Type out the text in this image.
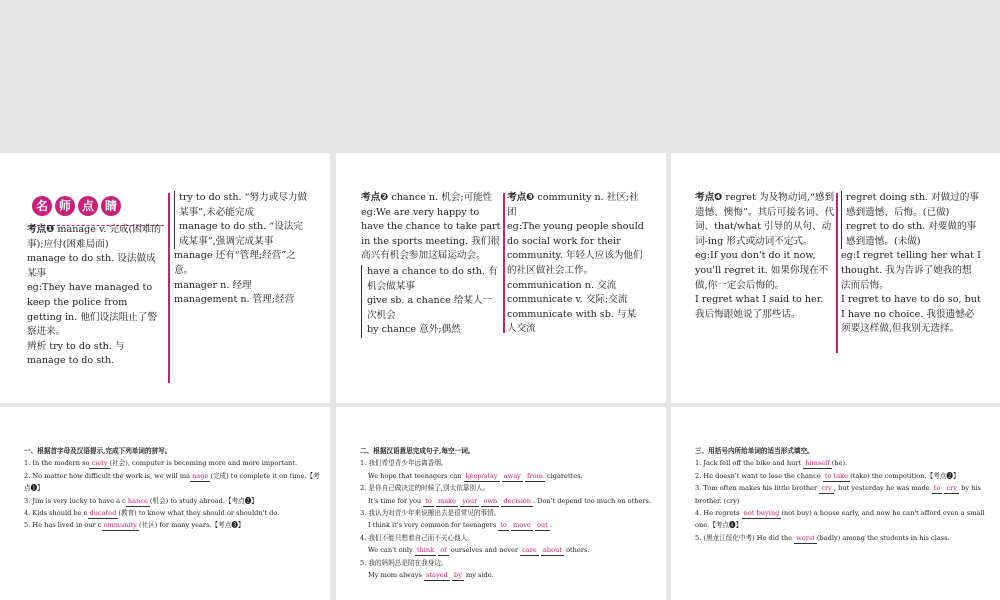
名 师 点 睛
考点❶ manage v. 完成(困难的事);应付(困难局面)
manage to do sth. 设法做成某事
eg:They have managed to keep the police from getting in. 他们设法阻止了警察进来。
辨析 try to do sth. 与 manage to do sth.
try to do sth. “努力或尽力做某事”,未必能完成
manage to do sth. “设法完成某事”,强调完成某事
manage 还有“管理;经营”之意。
manager n. 经理
management n. 管理;经营
考点❷ chance n. 机会;可能性
eg:We are very happy to have the chance to take part in the sports meeting. 我们很高兴有机会参加这届运动会。
have a chance to do sth. 有机会做某事
give sb. a chance 给某人一次机会
by chance 意外;偶然
考点❸ community n. 社区;社团
eg:The young people should do social work for their community. 年轻人应该为他们的社区做社会工作。
communication n. 交流
communicate v. 交际;交流
communicate with sb. 与某人交流
考点❹ regret 为及物动词,“感到遗憾、懊悔”。其后可接名词、代词、that/what 引导的从句、动词-ing 形式或动词不定式。
eg:If you don't do it now, you'll regret it. 如果你现在不做,你一定会后悔的。
I regret what I said to her. 我后悔跟她说了那些话。
regret doing sth. 对做过的事感到遗憾、后悔。(已做)
regret to do sth. 对要做的事感到遗憾。(未做)
eg:I regret telling her what I thought. 我为告诉了她我的想法而后悔。
I regret to have to do so, but I have no choice. 我很遗憾必须要这样做,但我别无选择。
一、根据首字母及汉语提示,完成下列单词的拼写。
1. In the modern so ciety (社会), computer is becoming more and more important.
2. No matter how difficult the work is, we will ma nage (完成) to complete it on time.【考点❶】
3. Jim is very lucky to have a c hance (机会) to study abroad.【考点❷】
4. Kids should be e ducated (教育) to know what they should or shouldn't do.
5. He has lived in our c ommunity (社区) for many years.【考点❸】
二、根据汉语意思完成句子,每空一词。
1. 我们希望青少年远离香烟。
We hope that teenagers can keep/stay away from cigarettes.
2. 是你自己做决定的时候了,别太依靠别人。
It's time for you to make your own decision . Don't depend too much on others.
3. 我认为对青少年来说搬出去是很常见的事情。
I think it's very common for teenagers to move out .
4. 我们不能只想着自己而不关心他人。
We can't only think of ourselves and never care about others.
5. 我的妈妈总是陪在我身边。
My mom always stayed by my side.
三、用括号内所给单词的适当形式填空。
1. Jack fell off the bike and hurt himself (he).
2. He doesn't want to lose the chance to take (take) the competition.【考点❷】
3. Tom often makes his little brother cry , but yesterday he was made to cry by his brother. (cry)
4. He regrets not buying (not buy) a house early, and now he can't afford even a small one.【考点❹】
5. (黑龙江绥化中考) He did the worst (badly) among the students in his class.
